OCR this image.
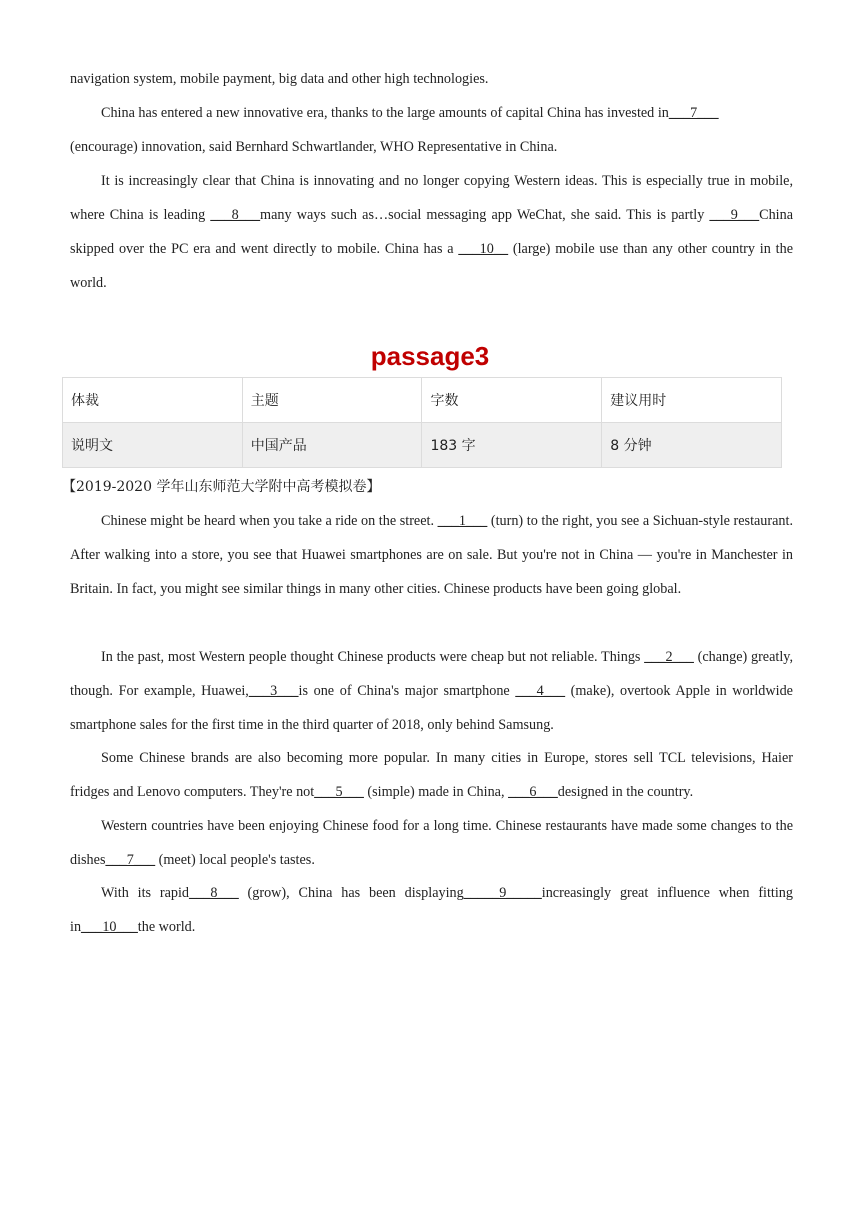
navigation system, mobile payment, big data and other high technologies.
China has entered a new innovative era, thanks to the large amounts of capital China has invested in___7___
(encourage) innovation, said Bernhard Schwartlander, WHO Representative in China.
It is increasingly clear that China is innovating and no longer copying Western ideas. This is especially true in mobile, where China is leading ___8___many ways such as…social messaging app WeChat, she said. This is partly ___9___China skipped over the PC era and went directly to mobile. China has a ___10__ (large) mobile use than any other country in the world.
passage3
体裁	主题	字数	建议用时
说明文	中国产品	183 字	8 分钟
【2019-2020 学年山东师范大学附中高考模拟卷】
Chinese might be heard when you take a ride on the street. ___1___ (turn) to the right, you see a Sichuan-style restaurant. After walking into a store, you see that Huawei smartphones are on sale. But you're not in China — you're in Manchester in Britain. In fact, you might see similar things in many other cities. Chinese products have been going global.
In the past, most Western people thought Chinese products were cheap but not reliable. Things ___2___ (change) greatly, though. For example, Huawei,___3___is one of China's major smartphone ___4___ (make), overtook Apple in worldwide smartphone sales for the first time in the third quarter of 2018, only behind Samsung.
Some Chinese brands are also becoming more popular. In many cities in Europe, stores sell TCL televisions, Haier fridges and Lenovo computers. They're not___5___ (simple) made in China, ___6___designed in the country.
Western countries have been enjoying Chinese food for a long time. Chinese restaurants have made some changes to the dishes___7___ (meet) local people's tastes.
With its rapid___8___ (grow), China has been displaying_____9_____increasingly great influence when fitting in___10___the world.
